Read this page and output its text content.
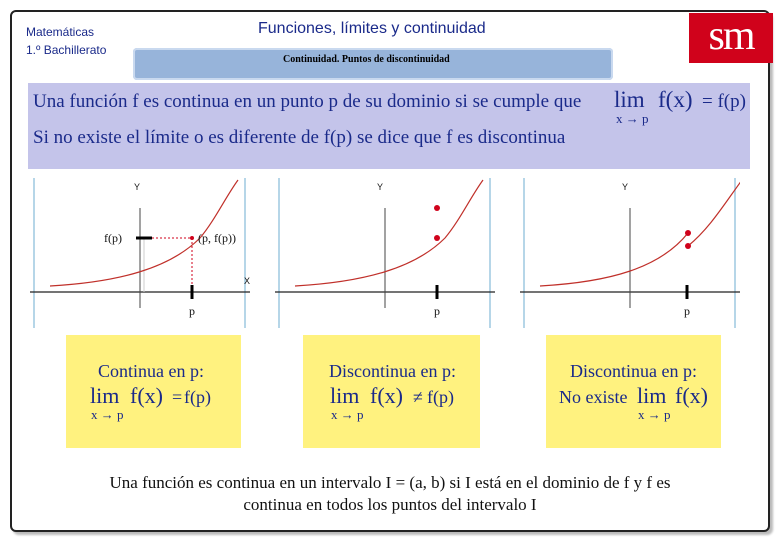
Matemáticas
1.º Bachillerato
Funciones, límites y continuidad	sm
Continuidad. Puntos de discontinuidad
Una función f es continua en un punto p de su dominio si se cumple que lim f(x) = f(p)
x → p
Si no existe el límite o es diferente de f(p) se dice que f es discontinua
Y
X
f(p)	(p, f(p))
p
Y
p
Y
p
Continua en p:
lim f(x) = f(p)
x → p
Discontinua en p:
lim f(x) ≠ f(p)
x → p
Discontinua en p:
No existe lim f(x)
x → p
Una función es continua en un intervalo I = (a, b) si I está en el dominio de f y f es
continua en todos los puntos del intervalo I
